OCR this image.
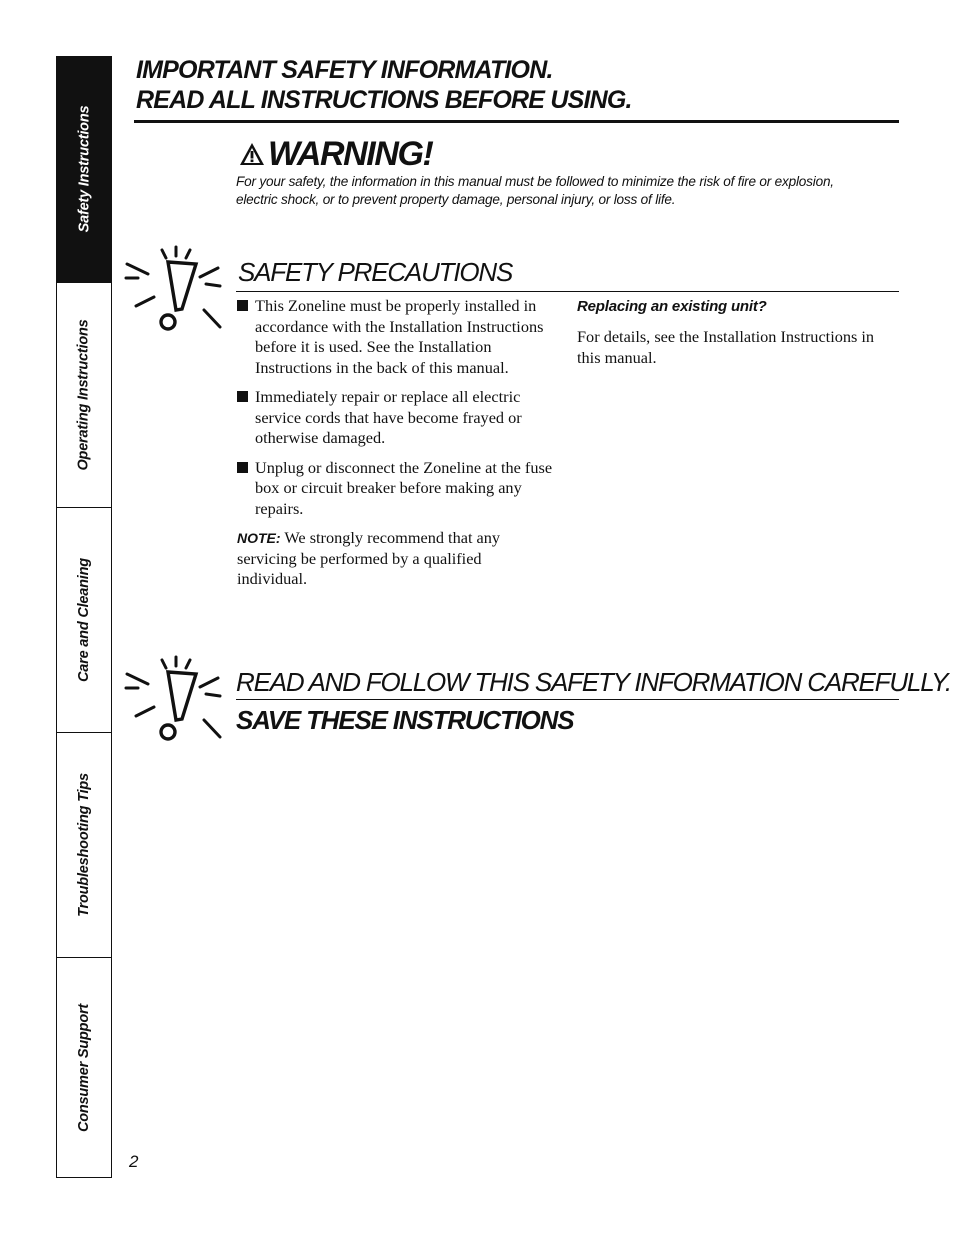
Safety Instructions
Operating Instructions
Care and Cleaning
Troubleshooting Tips
Consumer Support
IMPORTANT SAFETY INFORMATION.
READ ALL INSTRUCTIONS BEFORE USING.
WARNING!
For your safety, the information in this manual must be followed to minimize the risk of fire or explosion, electric shock, or to prevent property damage, personal injury, or loss of life.
SAFETY PRECAUTIONS
This Zoneline must be properly installed in accordance with the Installation Instructions before it is used. See the Installation Instructions in the back of this manual.
Immediately repair or replace all electric service cords that have become frayed or otherwise damaged.
Unplug or disconnect the Zoneline at the fuse box or circuit breaker before making any repairs.
NOTE: We strongly recommend that any servicing be performed by a qualified individual.
Replacing an existing unit?
For details, see the Installation Instructions in this manual.
READ AND FOLLOW THIS SAFETY INFORMATION CAREFULLY.
SAVE THESE INSTRUCTIONS
2
